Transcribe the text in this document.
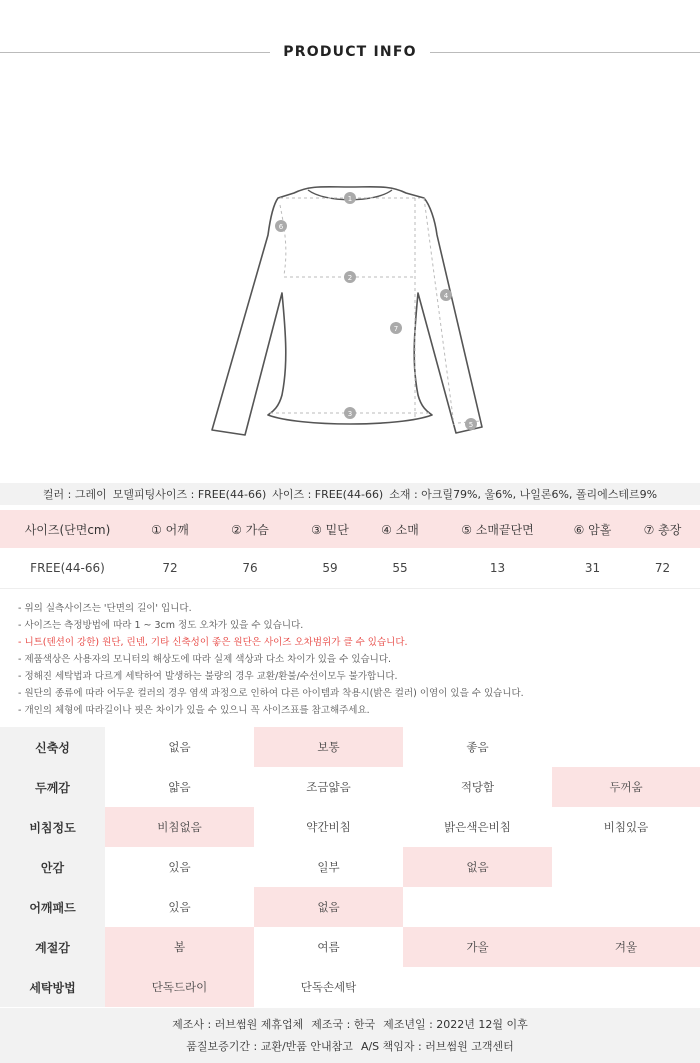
PRODUCT INFO
1
2
3
4
5
6
7
컬러 : 그레이 모델피팅사이즈 : FREE(44-66) 사이즈 : FREE(44-66) 소재 : 아크릴79%, 울6%, 나일론6%, 폴리에스테르9%
사이즈(단면cm)	① 어깨	② 가슴	③ 밑단	④ 소매	⑤ 소매끝단면	⑥ 암홀	⑦ 총장
FREE(44-66)	72	76	59	55	13	31	72
- 위의 실측사이즈는 '단면의 길이' 입니다.
- 사이즈는 측정방법에 따라 1 ~ 3cm 정도 오차가 있을 수 있습니다.
- 니트(텐션이 강한) 원단, 린넨, 기타 신축성이 좋은 원단은 사이즈 오차범위가 클 수 있습니다.
- 제품색상은 사용자의 모니터의 해상도에 따라 실제 색상과 다소 차이가 있을 수 있습니다.
- 정해진 세탁법과 다르게 세탁하여 발생하는 불량의 경우 교환/환불/수선이모두 불가합니다.
- 원단의 종류에 따라 어두운 컬러의 경우 염색 과정으로 인하여 다른 아이템과 착용시(밝은 컬러) 이염이 있을 수 있습니다.
- 개인의 체형에 따라길이나 핏은 차이가 있을 수 있으니 꼭 사이즈표를 참고해주세요.
신축성	없음	보통	좋음
두께감	얇음	조금얇음	적당함	두꺼움
비침정도	비침없음	약간비침	밝은색은비침	비침있음
안감	있음	일부	없음
어깨패드	있음	없음
계절감	봄	여름	가을	겨울
세탁방법	단독드라이	단독손세탁
제조사 : 러브썸원 제휴업체 제조국 : 한국 제조년일 : 2022년 12월 이후
품질보증기간 : 교환/반품 안내참고 A/S 책임자 : 러브썸원 고객센터
